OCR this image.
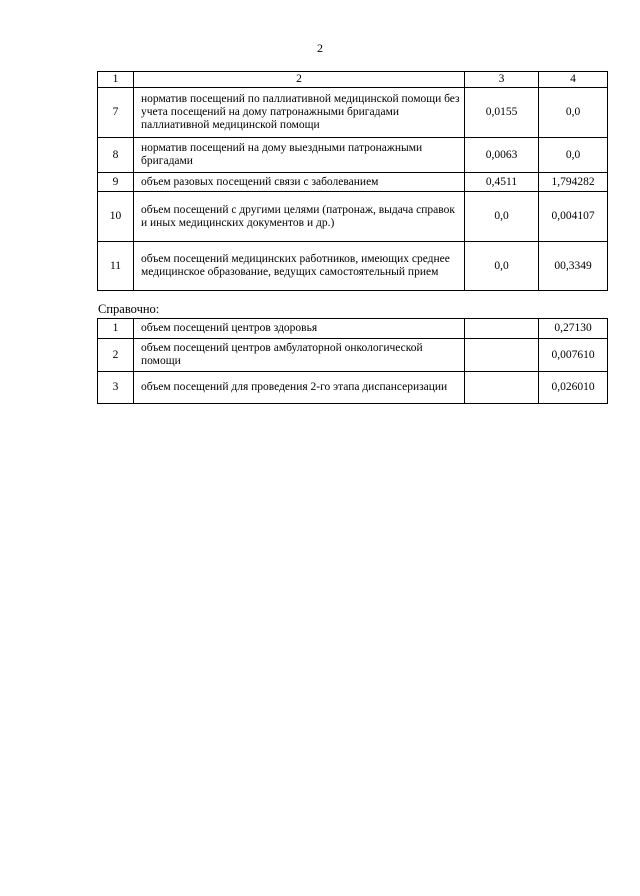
2
1	2	3	4
7	норматив посещений по паллиативной медицинской помощи без учета посещений на дому патронажными бригадами паллиативной медицинской помощи	0,0155	0,0
8	норматив посещений на дому выездными патронажными бригадами	0,0063	0,0
9	объем разовых посещений связи с заболеванием	0,4511	1,794282
10	объем посещений с другими целями (патронаж, выдача справок и иных медицинских документов и др.)	0,0	0,004107
11	объем посещений медицинских работников, имеющих среднее медицинское образование, ведущих самостоятельный прием	0,0	00,3349
Справочно:
1	объем посещений центров здоровья		0,27130
2	объем посещений центров амбулаторной онкологической помощи		0,007610
3	объем посещений для проведения 2-го этапа диспансеризации		0,026010
